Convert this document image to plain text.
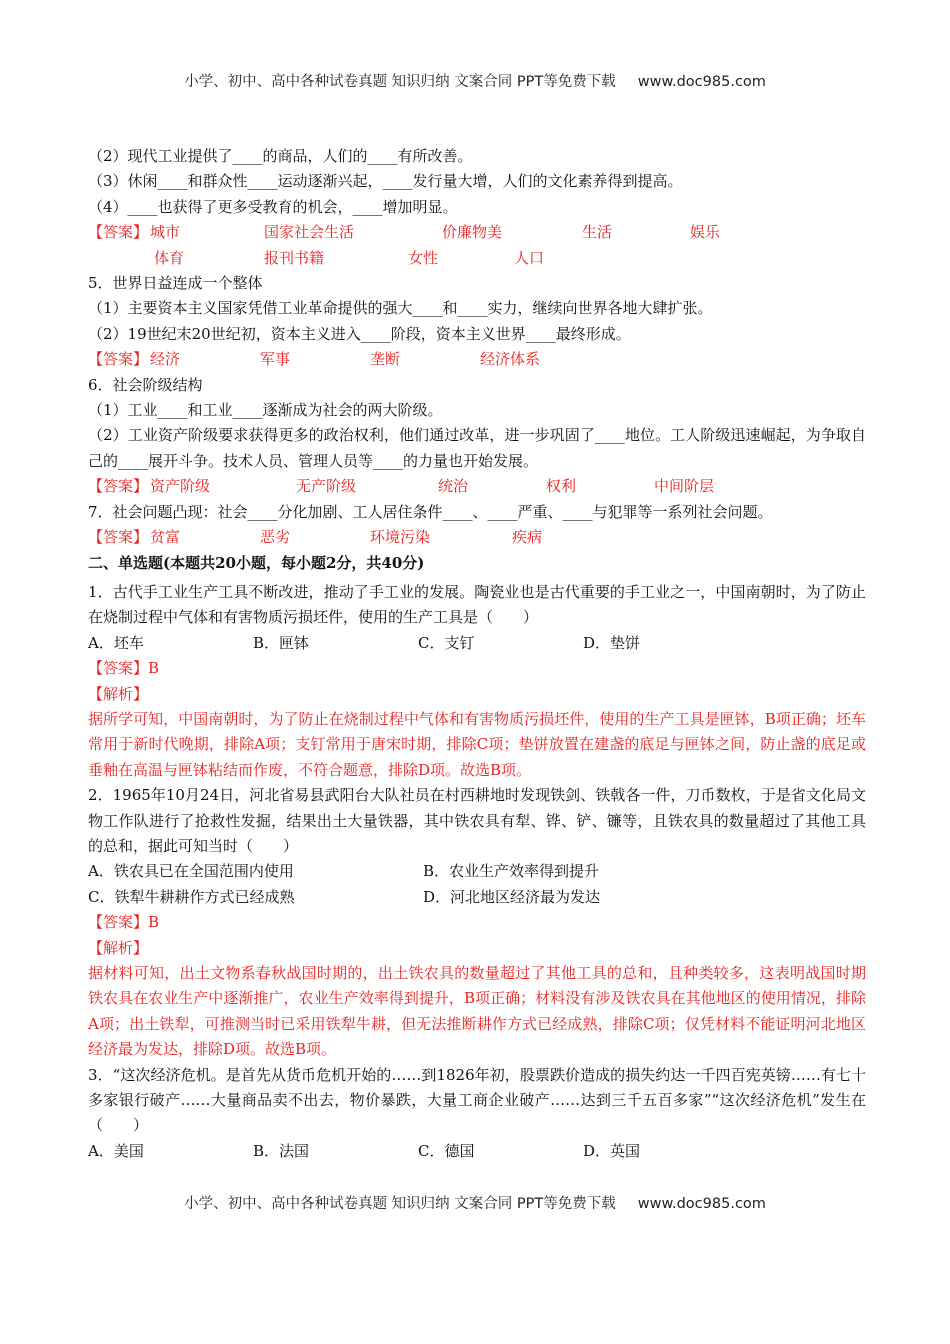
小学、初中、高中各种试卷真题 知识归纳 文案合同 PPT等免费下载 www.doc985.com
（2）现代工业提供了____的商品，人们的____有所改善。
（3）休闲____和群众性____运动逐渐兴起，____发行量大增，人们的文化素养得到提高。
（4）____也获得了更多受教育的机会，____增加明显。
【答案】 城市	国家社会生活	价廉物美	生活	娱乐
体育	报刊书籍	女性	人口
5．世界日益连成一个整体
（1）主要资本主义国家凭借工业革命提供的强大____和____实力，继续向世界各地大肆扩张。
（2）19世纪末20世纪初，资本主义进入____阶段，资本主义世界____最终形成。
【答案】 经济	军事	垄断	经济体系
6．社会阶级结构
（1）工业____和工业____逐渐成为社会的两大阶级。
（2）工业资产阶级要求获得更多的政治权利，他们通过改革，进一步巩固了____地位。工人阶级迅速崛起，为争取自己的____展开斗争。技术人员、管理人员等____的力量也开始发展。
【答案】 资产阶级	无产阶级	统治	权利	中间阶层
7．社会问题凸现：社会____分化加剧、工人居住条件____、____严重、____与犯罪等一系列社会问题。
【答案】 贫富	恶劣	环境污染	疾病
二、单选题(本题共20小题，每小题2分，共40分)
1．古代手工业生产工具不断改进，推动了手工业的发展。陶瓷业也是古代重要的手工业之一，中国南朝时，为了防止在烧制过程中气体和有害物质污损坯件，使用的生产工具是（　　）
A．坯车	B．匣钵	C．支钉	D．垫饼
【答案】B
【解析】
据所学可知，中国南朝时，为了防止在烧制过程中气体和有害物质污损坯件，使用的生产工具是匣钵，B项正确；坯车常用于新时代晚期，排除A项；支钉常用于唐宋时期，排除C项；垫饼放置在建盏的底足与匣钵之间，防止盏的底足或垂釉在高温与匣钵粘结而作废，不符合题意，排除D项。故选B项。
2．1965年10月24日，河北省易县武阳台大队社员在村西耕地时发现铁剑、铁戟各一件，刀币数枚，于是省文化局文物工作队进行了抢救性发掘，结果出土大量铁器，其中铁农具有犁、铧、铲、镰等，且铁农具的数量超过了其他工具的总和，据此可知当时（　　）
A．铁农具已在全国范围内使用	B．农业生产效率得到提升
C．铁犁牛耕耕作方式已经成熟	D．河北地区经济最为发达
【答案】B
【解析】
据材料可知，出土文物系春秋战国时期的，出土铁农具的数量超过了其他工具的总和，且种类较多，这表明战国时期铁农具在农业生产中逐渐推广，农业生产效率得到提升，B项正确；材料没有涉及铁农具在其他地区的使用情况，排除A项；出土铁犁，可推测当时已采用铁犁牛耕，但无法推断耕作方式已经成熟，排除C项；仅凭材料不能证明河北地区经济最为发达，排除D项。故选B项。
3．“这次经济危机。是首先从货币危机开始的……到1826年初，股票跌价造成的损失约达一千四百宪英镑……有七十多家银行破产……大量商品卖不出去，物价暴跌，大量工商企业破产……达到三千五百多家”“这次经济危机”发生在（　　）
A．美国	B．法国	C．德国	D．英国
小学、初中、高中各种试卷真题 知识归纳 文案合同 PPT等免费下载 www.doc985.com
